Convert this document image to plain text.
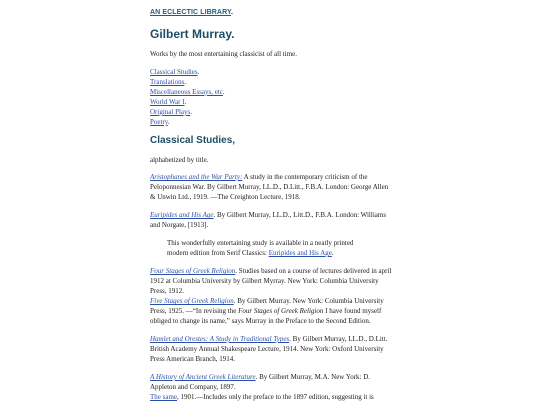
AN ECLECTIC LIBRARY.
Gilbert Murray.
Works by the most entertaining classicist of all time.
Classical Studies.
Translations.
Miscellaneous Essays, etc.
World War I.
Original Plays.
Poetry.
Classical Studies,
alphabetized by title.

Aristophanes and the War Party: A study in the contemporary criticism of the Peloponnesian War. By Gilbert Murray, LL.D., D.Litt., F.B.A. London: George Allen & Unwin Ltd., 1919. —The Creighton Lecture, 1918.

Euripides and His Age. By Gilbert Murray, LL.D., Litt.D., F.B.A. London: Williams and Norgate, [1913].

This wonderfully entertaining study is available in a neatly printed modern edition from Serif Classics: Euripides and His Age.

Four Stages of Greek Religion. Studies based on a course of lectures delivered in april 1912 at Columbia University by Gilbert Myrray. New York: Columbia University Press, 1912.

Five Stages of Greek Religion. By Gilbert Murray. New York: Columbia University Press, 1925. —“In revising the Four Stages of Greek Religion I have found myself obliged to change its name,” says Murray in the Preface to the Second Edition.

Hamlet and Orestes: A Study in Traditional Types. By Gilbert Murray, LL.D., D.Litt. British Academy Annual Shakespeare Lecture, 1914. New York: Oxford University Press American Branch, 1914.

A History of Ancient Greek Literature. By Gilbert Murray, M.A. New York: D. Appleton and Company, 1897.

The same, 1901.—Includes only the preface to the 1897 edition, suggesting it is
